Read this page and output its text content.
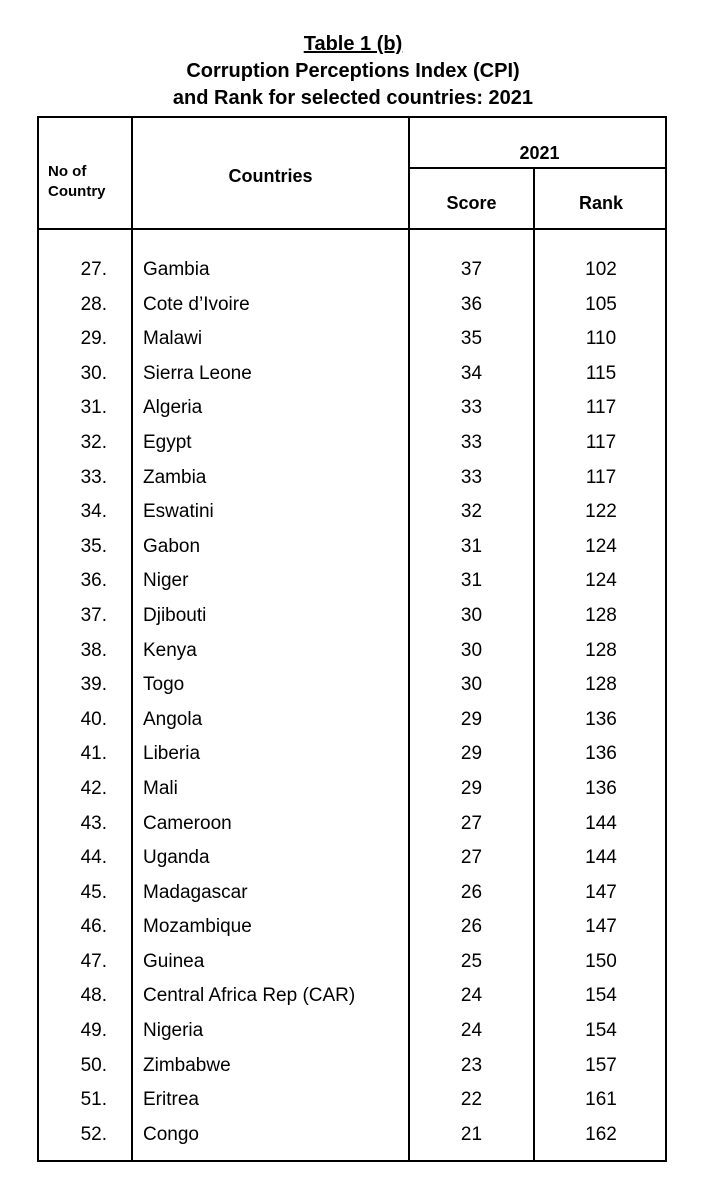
Table 1 (b)
Corruption Perceptions Index (CPI)
and Rank for selected countries: 2021
No of Country
Countries
2021
Score	Rank
27. Gambia	37	102
28. Cote d’Ivoire	36	105
29. Malawi	35	110
30. Sierra Leone	34	115
31. Algeria	33	117
32. Egypt	33	117
33. Zambia	33	117
34. Eswatini	32	122
35. Gabon	31	124
36. Niger	31	124
37. Djibouti	30	128
38. Kenya	30	128
39. Togo	30	128
40. Angola	29	136
41. Liberia	29	136
42. Mali	29	136
43. Cameroon	27	144
44. Uganda	27	144
45. Madagascar	26	147
46. Mozambique	26	147
47. Guinea	25	150
48. Central Africa Rep (CAR)	24	154
49. Nigeria	24	154
50. Zimbabwe	23	157
51. Eritrea	22	161
52. Congo	21	162
